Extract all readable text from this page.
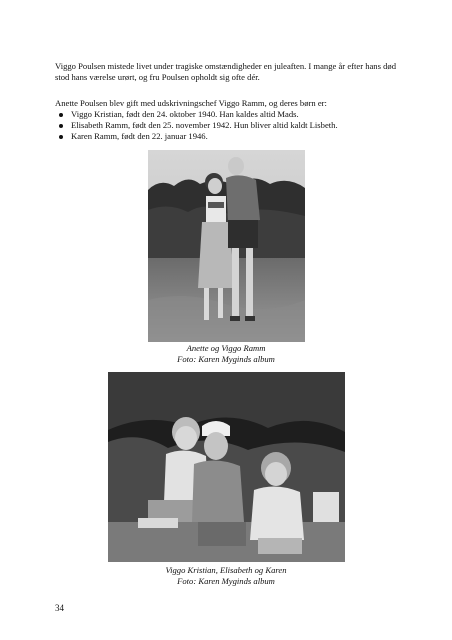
Viggo Poulsen mistede livet under tragiske omstændigheder en juleaften. I mange år efter hans død stod hans værelse urørt, og fru Poulsen opholdt sig ofte dér.

Anette Poulsen blev gift med udskrivningschef Viggo Ramm, og deres børn er:

Viggo Kristian, født den 24. oktober 1940. Han kaldes altid Mads.
Elisabeth Ramm, født den 25. november 1942. Hun bliver altid kaldt Lisbeth.
Karen Ramm, født den 22. januar 1946.

Anette og Viggo Ramm
Foto: Karen Myginds album

Viggo Kristian, Elisabeth og Karen
Foto: Karen Myginds album

34
